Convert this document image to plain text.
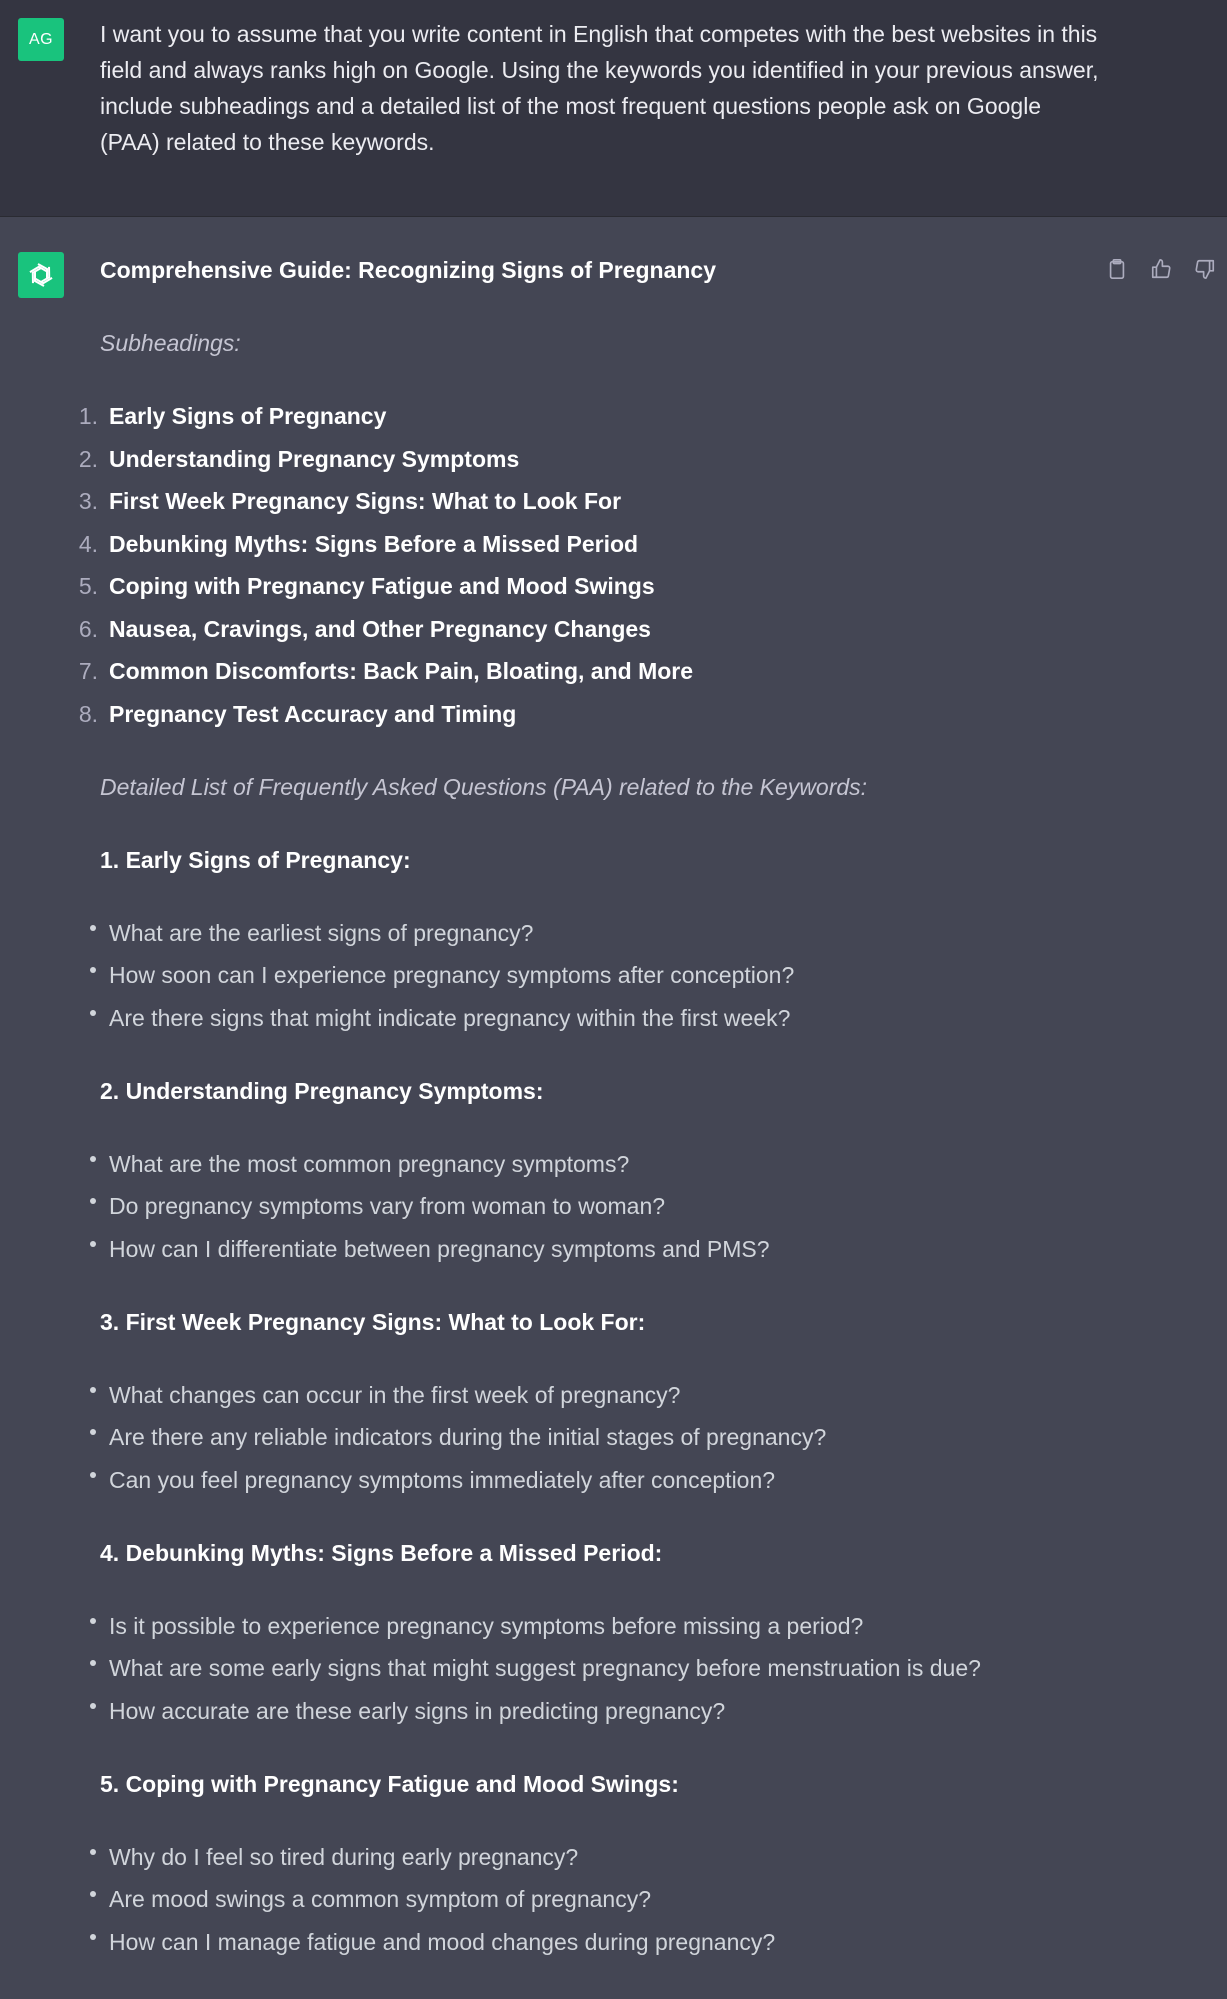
AG	I want you to assume that you write content in English that competes with the best websites in this field and always ranks high on Google. Using the keywords you identified in your previous answer, include subheadings and a detailed list of the most frequent questions people ask on Google (PAA) related to these keywords.
Comprehensive Guide: Recognizing Signs of Pregnancy
Subheadings:
1. Early Signs of Pregnancy
2. Understanding Pregnancy Symptoms
3. First Week Pregnancy Signs: What to Look For
4. Debunking Myths: Signs Before a Missed Period
5. Coping with Pregnancy Fatigue and Mood Swings
6. Nausea, Cravings, and Other Pregnancy Changes
7. Common Discomforts: Back Pain, Bloating, and More
8. Pregnancy Test Accuracy and Timing
Detailed List of Frequently Asked Questions (PAA) related to the Keywords:
1. Early Signs of Pregnancy:
What are the earliest signs of pregnancy?
How soon can I experience pregnancy symptoms after conception?
Are there signs that might indicate pregnancy within the first week?
2. Understanding Pregnancy Symptoms:
What are the most common pregnancy symptoms?
Do pregnancy symptoms vary from woman to woman?
How can I differentiate between pregnancy symptoms and PMS?
3. First Week Pregnancy Signs: What to Look For:
What changes can occur in the first week of pregnancy?
Are there any reliable indicators during the initial stages of pregnancy?
Can you feel pregnancy symptoms immediately after conception?
4. Debunking Myths: Signs Before a Missed Period:
Is it possible to experience pregnancy symptoms before missing a period?
What are some early signs that might suggest pregnancy before menstruation is due?
How accurate are these early signs in predicting pregnancy?
5. Coping with Pregnancy Fatigue and Mood Swings:
Why do I feel so tired during early pregnancy?
Are mood swings a common symptom of pregnancy?
How can I manage fatigue and mood changes during pregnancy?
